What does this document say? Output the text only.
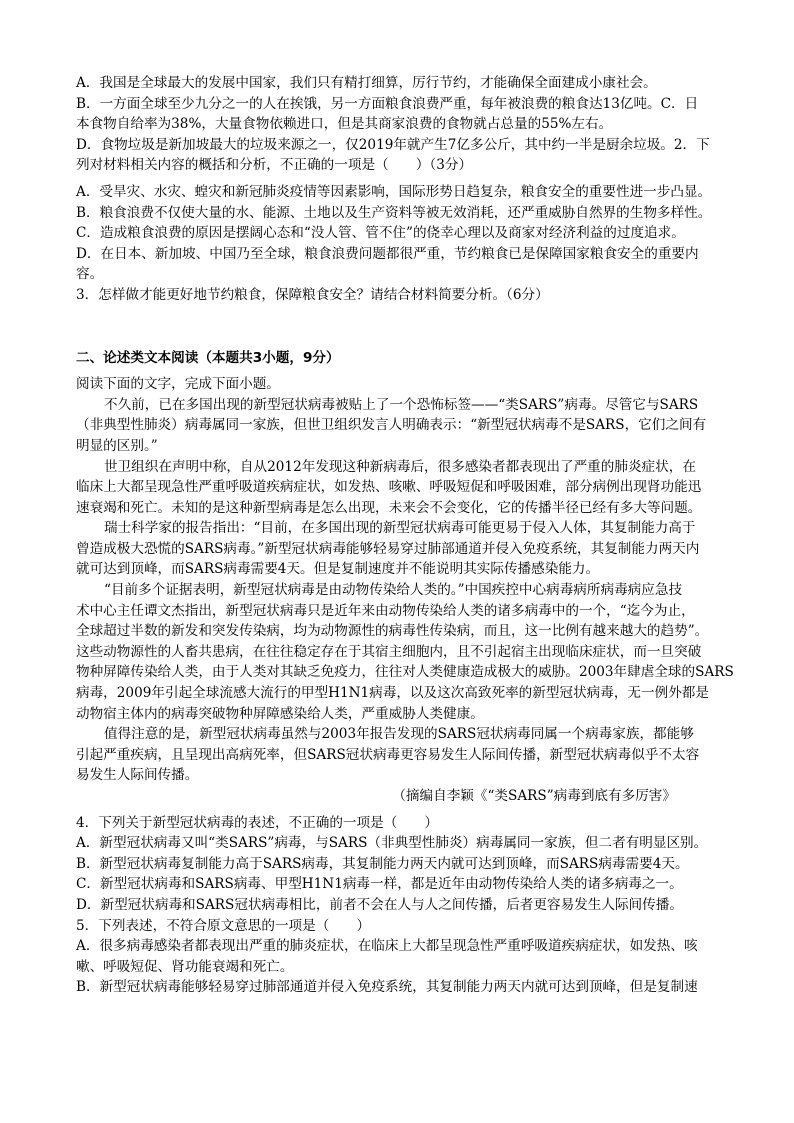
A．我国是全球最大的发展中国家，我们只有精打细算，厉行节约，才能确保全面建成小康社会。
B．一方面全球至少九分之一的人在挨饿，另一方面粮食浪费严重，每年被浪费的粮食达13亿吨。C．日
本食物自给率为38%，大量食物依赖进口，但是其商家浪费的食物就占总量的55%左右。
D．食物垃圾是新加坡最大的垃圾来源之一，仅2019年就产生7亿多公斤，其中约一半是厨余垃圾。2．下
列对材料相关内容的概括和分析，不正确的一项是（　　）（3分）
A．受旱灾、水灾、蝗灾和新冠肺炎疫情等因素影响，国际形势日趋复杂，粮食安全的重要性进一步凸显。
B．粮食浪费不仅使大量的水、能源、土地以及生产资料等被无效消耗，还严重威胁自然界的生物多样性。
C．造成粮食浪费的原因是摆阔心态和“没人管、管不住”的侥幸心理以及商家对经济利益的过度追求。
D．在日本、新加坡、中国乃至全球，粮食浪费问题都很严重，节约粮食已是保障国家粮食安全的重要内
容。
3．怎样做才能更好地节约粮食，保障粮食安全？请结合材料简要分析。（6分）
二、论述类文本阅读（本题共3小题，9分）
阅读下面的文字，完成下面小题。
不久前，已在多国出现的新型冠状病毒被贴上了一个恐怖标签——“类SARS”病毒。尽管它与SARS
（非典型性肺炎）病毒属同一家族，但世卫组织发言人明确表示：“新型冠状病毒不是SARS，它们之间有
明显的区别。”
世卫组织在声明中称，自从2012年发现这种新病毒后，很多感染者都表现出了严重的肺炎症状，在
临床上大都呈现急性严重呼吸道疾病症状，如发热、咳嗽、呼吸短促和呼吸困难，部分病例出现肾功能迅
速衰竭和死亡。未知的是这种新型病毒是怎么出现，未来会不会变化，它的传播半径已经有多大等问题。
瑞士科学家的报告指出：“目前，在多国出现的新型冠状病毒可能更易于侵入人体，其复制能力高于
曾造成极大恐慌的SARS病毒。”新型冠状病毒能够轻易穿过肺部通道并侵入免疫系统，其复制能力两天内
就可达到顶峰，而SARS病毒需要4天。但是复制速度并不能说明其实际传播感染能力。
“目前多个证据表明，新型冠状病毒是由动物传染给人类的。”中国疾控中心病毒病所病毒病应急技
术中心主任谭文杰指出，新型冠状病毒只是近年来由动物传染给人类的诸多病毒中的一个，“迄今为止，
全球超过半数的新发和突发传染病，均为动物源性的病毒性传染病，而且，这一比例有越来越大的趋势”。
这些动物源性的人畜共患病，在往往稳定存在于其宿主细胞内，且不引起宿主出现临床症状，而一旦突破
物种屏障传染给人类，由于人类对其缺乏免疫力，往往对人类健康造成极大的威胁。2003年肆虐全球的SARS
病毒，2009年引起全球流感大流行的甲型H1N1病毒，以及这次高致死率的新型冠状病毒，无一例外都是
动物宿主体内的病毒突破物种屏障感染给人类，严重威胁人类健康。
值得注意的是，新型冠状病毒虽然与2003年报告发现的SARS冠状病毒同属一个病毒家族，都能够
引起严重疾病，且呈现出高病死率，但SARS冠状病毒更容易发生人际间传播，新型冠状病毒似乎不太容
易发生人际间传播。
（摘编自李颖《“类SARS”病毒到底有多厉害》
4．下列关于新型冠状病毒的表述，不正确的一项是（　　）
A．新型冠状病毒又叫“类SARS”病毒，与SARS（非典型性肺炎）病毒属同一家族，但二者有明显区别。
B．新型冠状病毒复制能力高于SARS病毒，其复制能力两天内就可达到顶峰，而SARS病毒需要4天。
C．新型冠状病毒和SARS病毒、甲型H1N1病毒一样，都是近年由动物传染给人类的诸多病毒之一。
D．新型冠状病毒和SARS冠状病毒相比，前者不会在人与人之间传播，后者更容易发生人际间传播。
5．下列表述，不符合原文意思的一项是（　　）
A．很多病毒感染者都表现出严重的肺炎症状，在临床上大都呈现急性严重呼吸道疾病症状，如发热、咳
嗽、呼吸短促、肾功能衰竭和死亡。
B．新型冠状病毒能够轻易穿过肺部通道并侵入免疫系统，其复制能力两天内就可达到顶峰，但是复制速
